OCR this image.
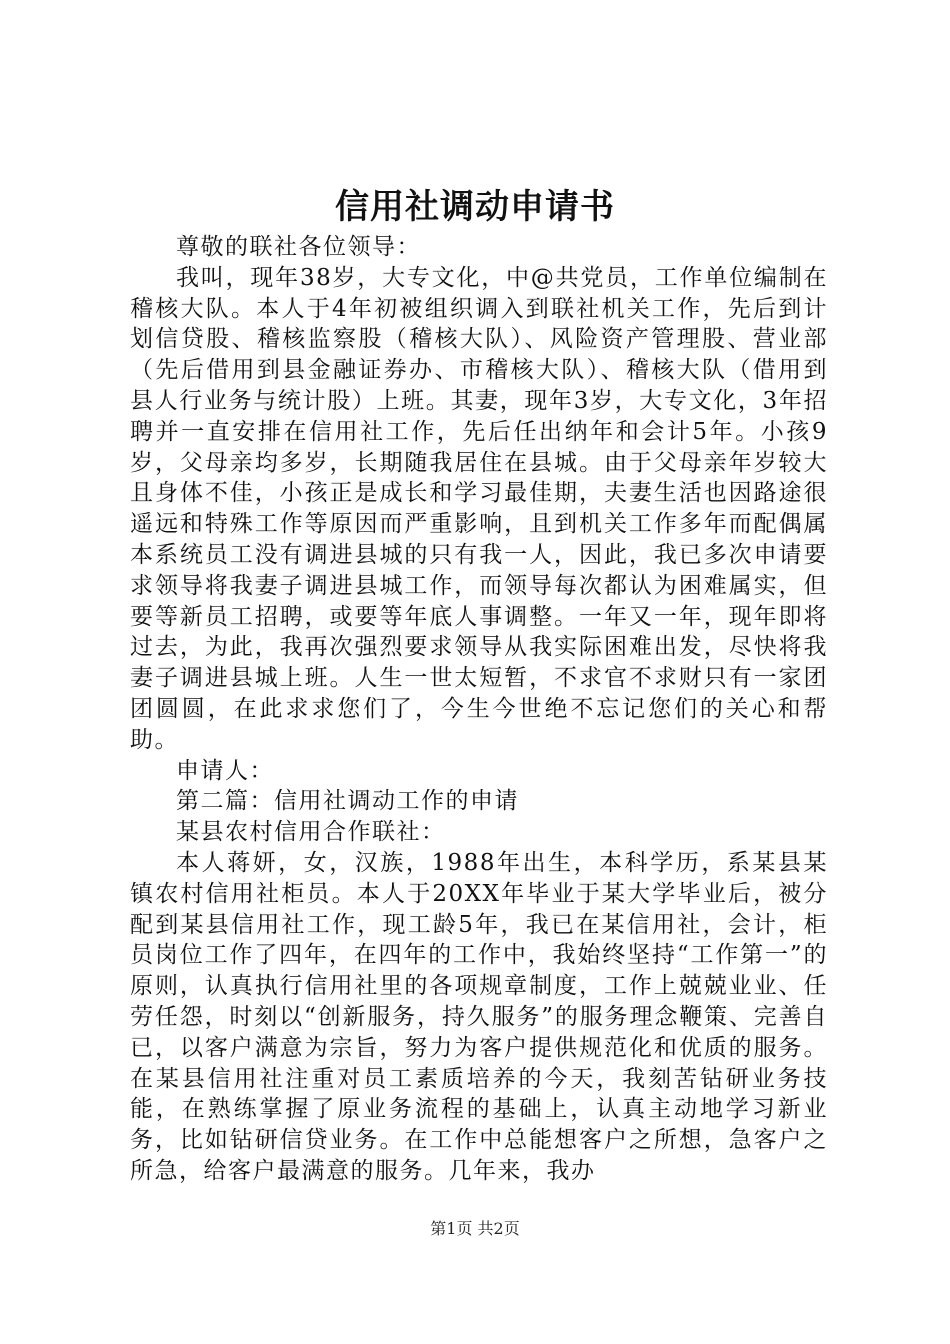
信用社调动申请书

尊敬的联社各位领导：

我叫，现年38岁，大专文化，中@共党员，工作单位编制在稽核大队。本人于4年初被组织调入到联社机关工作，先后到计划信贷股、稽核监察股（稽核大队）、风险资产管理股、营业部（先后借用到县金融证券办、市稽核大队）、稽核大队（借用到县人行业务与统计股）上班。其妻，现年3岁，大专文化，3年招聘并一直安排在信用社工作，先后任出纳年和会计5年。小孩9岁，父母亲均多岁，长期随我居住在县城。由于父母亲年岁较大且身体不佳，小孩正是成长和学习最佳期，夫妻生活也因路途很遥远和特殊工作等原因而严重影响，且到机关工作多年而配偶属本系统员工没有调进县城的只有我一人，因此，我已多次申请要求领导将我妻子调进县城工作，而领导每次都认为困难属实，但要等新员工招聘，或要等年底人事调整。一年又一年，现年即将过去，为此，我再次强烈要求领导从我实际困难出发，尽快将我妻子调进县城上班。人生一世太短暂，不求官不求财只有一家团团圆圆，在此求求您们了，今生今世绝不忘记您们的关心和帮助。

申请人：

第二篇：信用社调动工作的申请

某县农村信用合作联社：

本人蒋妍，女，汉族，1988年出生，本科学历，系某县某镇农村信用社柜员。本人于20XX年毕业于某大学毕业后，被分配到某县信用社工作，现工龄5年，我已在某信用社，会计，柜员岗位工作了四年，在四年的工作中，我始终坚持“工作第一”的原则，认真执行信用社里的各项规章制度，工作上兢兢业业、任劳任怨，时刻以“创新服务，持久服务”的服务理念鞭策、完善自已，以客户满意为宗旨，努力为客户提供规范化和优质的服务。在某县信用社注重对员工素质培养的今天，我刻苦钻研业务技能，在熟练掌握了原业务流程的基础上，认真主动地学习新业务，比如钻研信贷业务。在工作中总能想客户之所想，急客户之所急，给客户最满意的服务。几年来，我办

第1页 共2页
